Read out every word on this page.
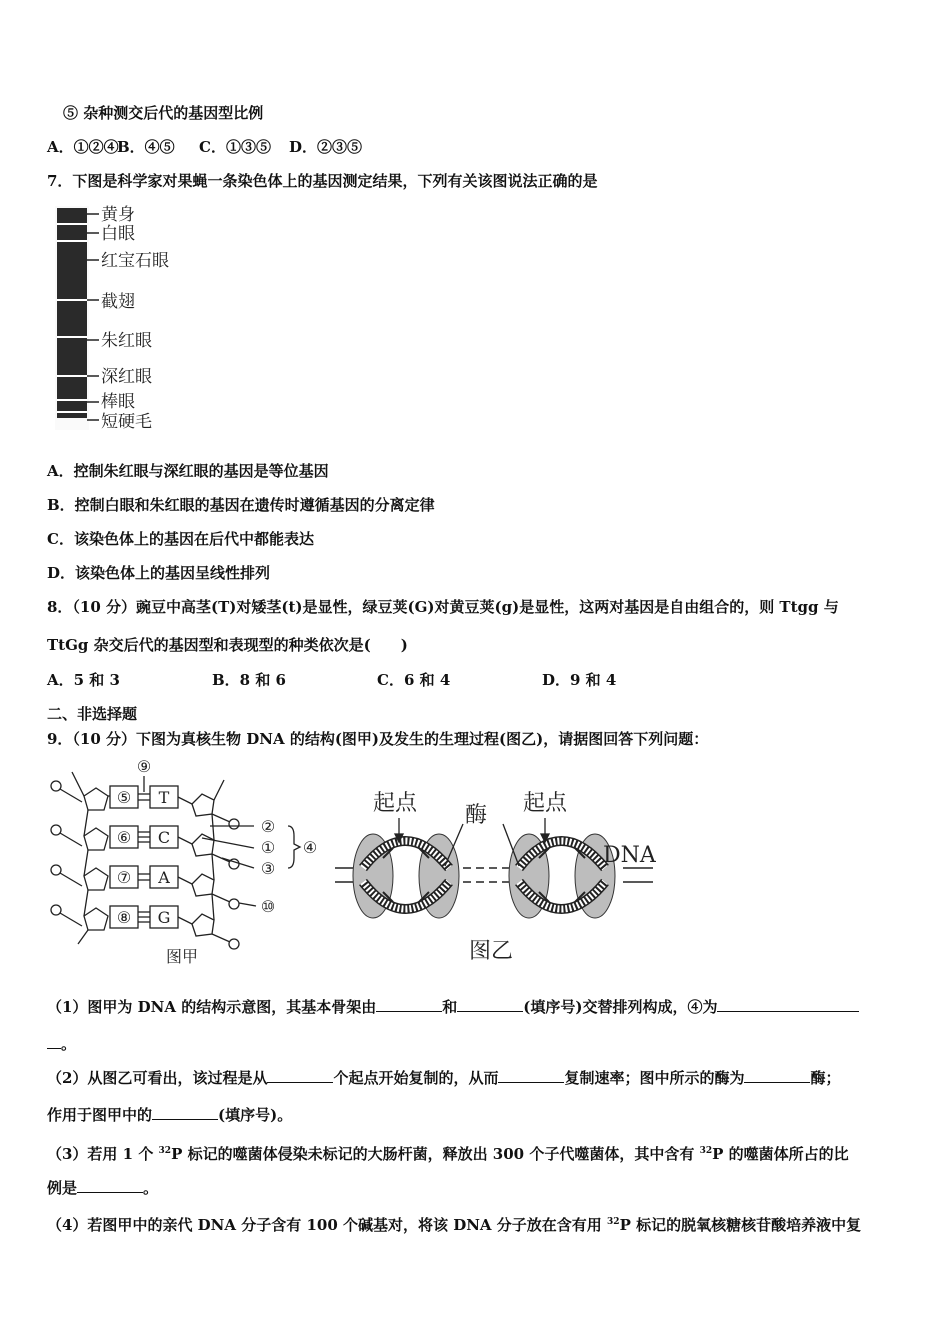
⑤ 杂种测交后代的基因型比例
A．①②④B．④⑤ C．①③⑤ D．②③⑤
7．下图是科学家对果蝇一条染色体上的基因测定结果，下列有关该图说法正确的是
黄身
白眼
红宝石眼
截翅
朱红眼
深红眼
棒眼
短硬毛
A．控制朱红眼与深红眼的基因是等位基因
B．控制白眼和朱红眼的基因在遗传时遵循基因的分离定律
C．该染色体上的基因在后代中都能表达
D．该染色体上的基因呈线性排列
8．（10 分）豌豆中高茎(T)对矮茎(t)是显性，绿豆荚(G)对黄豆荚(g)是显性，这两对基因是自由组合的，则 Ttgg 与
TtGg 杂交后代的基因型和表现型的种类依次是(　　)
A．5 和 3	B．8 和 6	C．6 和 4	D．9 和 4
二、非选择题
9．（10 分）下图为真核生物 DNA 的结构(图甲)及发生的生理过程(图乙)，请据图回答下列问题：
⑨
⑤
⑥
⑦
⑧
T
C
A
G
②
①
③
④
⑩
图甲
起点 酶 起点
DNA
图乙
（1）图甲为 DNA 的结构示意图，其基本骨架由	和	(填序号)交替排列构成，④为
。
（2）从图乙可看出，该过程是从	个起点开始复制的，从而	复制速率；图中所示的酶为	酶；
作用于图甲中的	(填序号)。
（3）若用 1 个 $^{32}$P 标记的噬菌体侵染未标记的大肠杆菌，释放出 300 个子代噬菌体，其中含有 $^{32}$P 的噬菌体所占的比
例是	。
（4）若图甲中的亲代 DNA 分子含有 100 个碱基对，将该 DNA 分子放在含有用 $^{32}$P 标记的脱氧核糖核苷酸培养液中复
